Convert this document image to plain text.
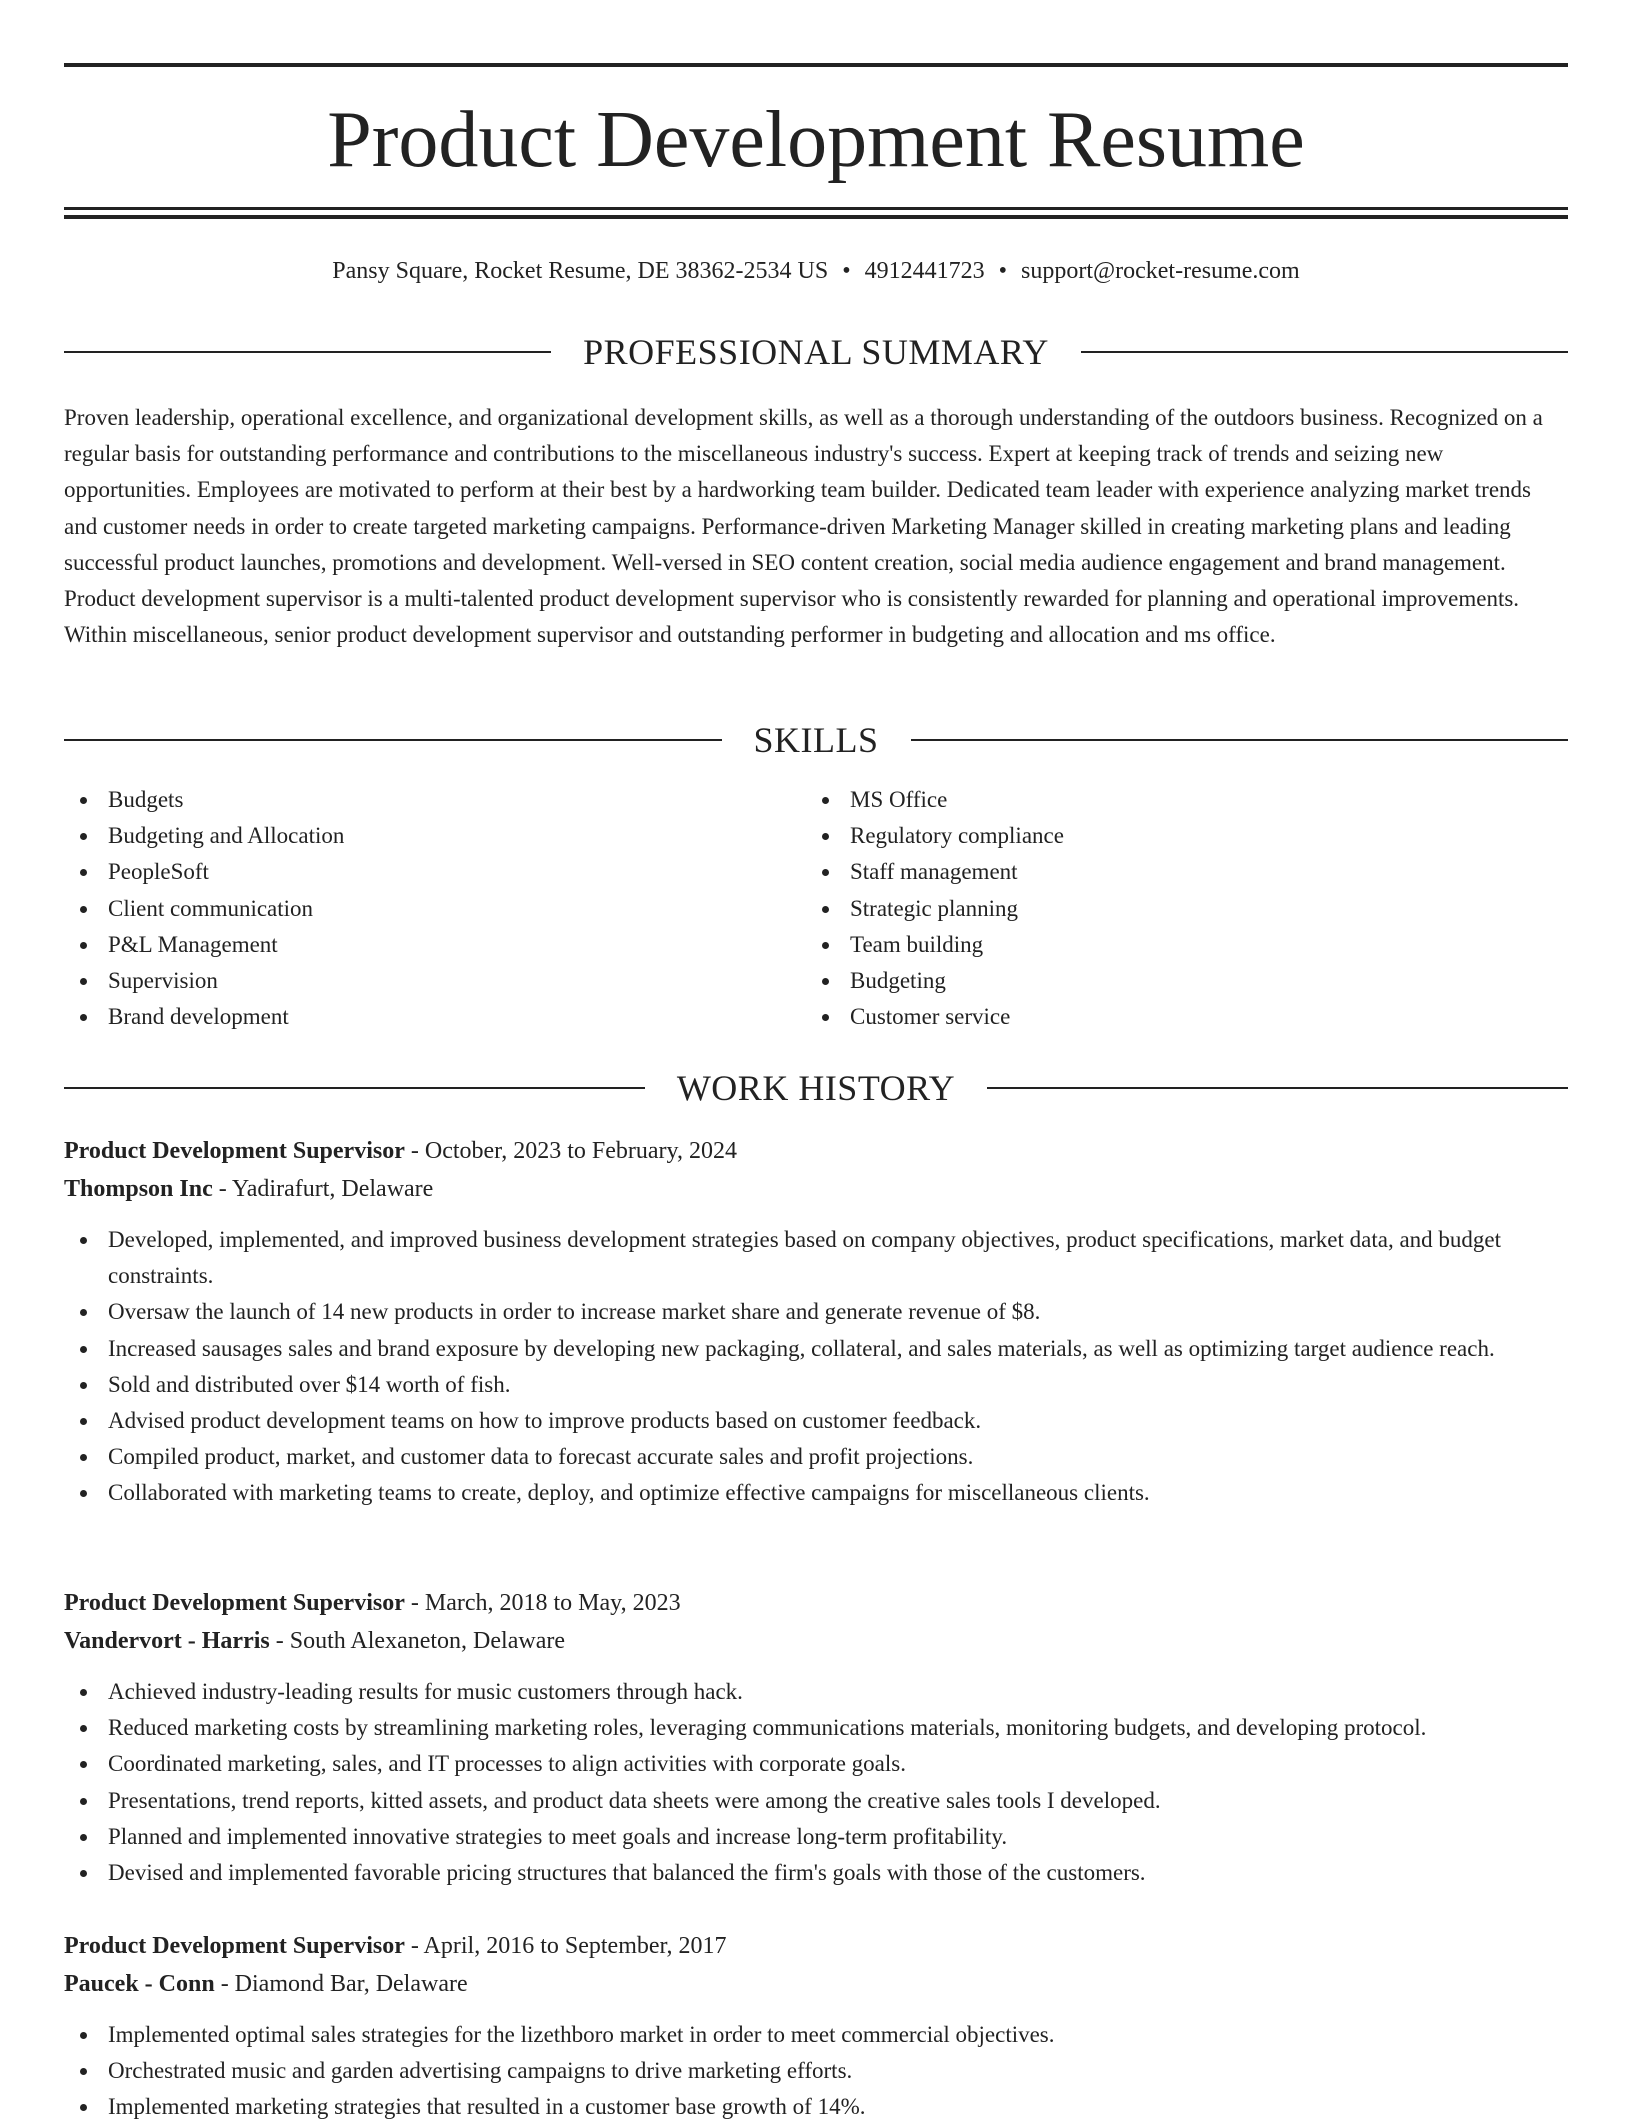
Product Development Resume
Pansy Square, Rocket Resume, DE 38362-2534 US • 4912441723 • support@rocket-resume.com
PROFESSIONAL SUMMARY

Proven leadership, operational excellence, and organizational development skills, as well as a thorough understanding of the outdoors business. Recognized on a regular basis for outstanding performance and contributions to the miscellaneous industry's success. Expert at keeping track of trends and seizing new opportunities. Employees are motivated to perform at their best by a hardworking team builder. Dedicated team leader with experience analyzing market trends and customer needs in order to create targeted marketing campaigns. Performance-driven Marketing Manager skilled in creating marketing plans and leading successful product launches, promotions and development. Well-versed in SEO content creation, social media audience engagement and brand management. Product development supervisor is a multi-talented product development supervisor who is consistently rewarded for planning and operational improvements. Within miscellaneous, senior product development supervisor and outstanding performer in budgeting and allocation and ms office.

SKILLS
Budgets
Budgeting and Allocation
PeopleSoft
Client communication
P&L Management
Supervision
Brand development
MS Office
Regulatory compliance
Staff management
Strategic planning
Team building
Budgeting
Customer service
WORK HISTORY
Product Development Supervisor - October, 2023 to February, 2024
Thompson Inc - Yadirafurt, Delaware
Developed, implemented, and improved business development strategies based on company objectives, product specifications, market data, and budget constraints.
Oversaw the launch of 14 new products in order to increase market share and generate revenue of $8.
Increased sausages sales and brand exposure by developing new packaging, collateral, and sales materials, as well as optimizing target audience reach.
Sold and distributed over $14 worth of fish.
Advised product development teams on how to improve products based on customer feedback.
Compiled product, market, and customer data to forecast accurate sales and profit projections.
Collaborated with marketing teams to create, deploy, and optimize effective campaigns for miscellaneous clients.
Product Development Supervisor - March, 2018 to May, 2023
Vandervort - Harris - South Alexaneton, Delaware
Achieved industry-leading results for music customers through hack.
Reduced marketing costs by streamlining marketing roles, leveraging communications materials, monitoring budgets, and developing protocol.
Coordinated marketing, sales, and IT processes to align activities with corporate goals.
Presentations, trend reports, kitted assets, and product data sheets were among the creative sales tools I developed.
Planned and implemented innovative strategies to meet goals and increase long-term profitability.
Devised and implemented favorable pricing structures that balanced the firm's goals with those of the customers.
Product Development Supervisor - April, 2016 to September, 2017
Paucek - Conn - Diamond Bar, Delaware
Implemented optimal sales strategies for the lizethboro market in order to meet commercial objectives.
Orchestrated music and garden advertising campaigns to drive marketing efforts.
Implemented marketing strategies that resulted in a customer base growth of 14%.
